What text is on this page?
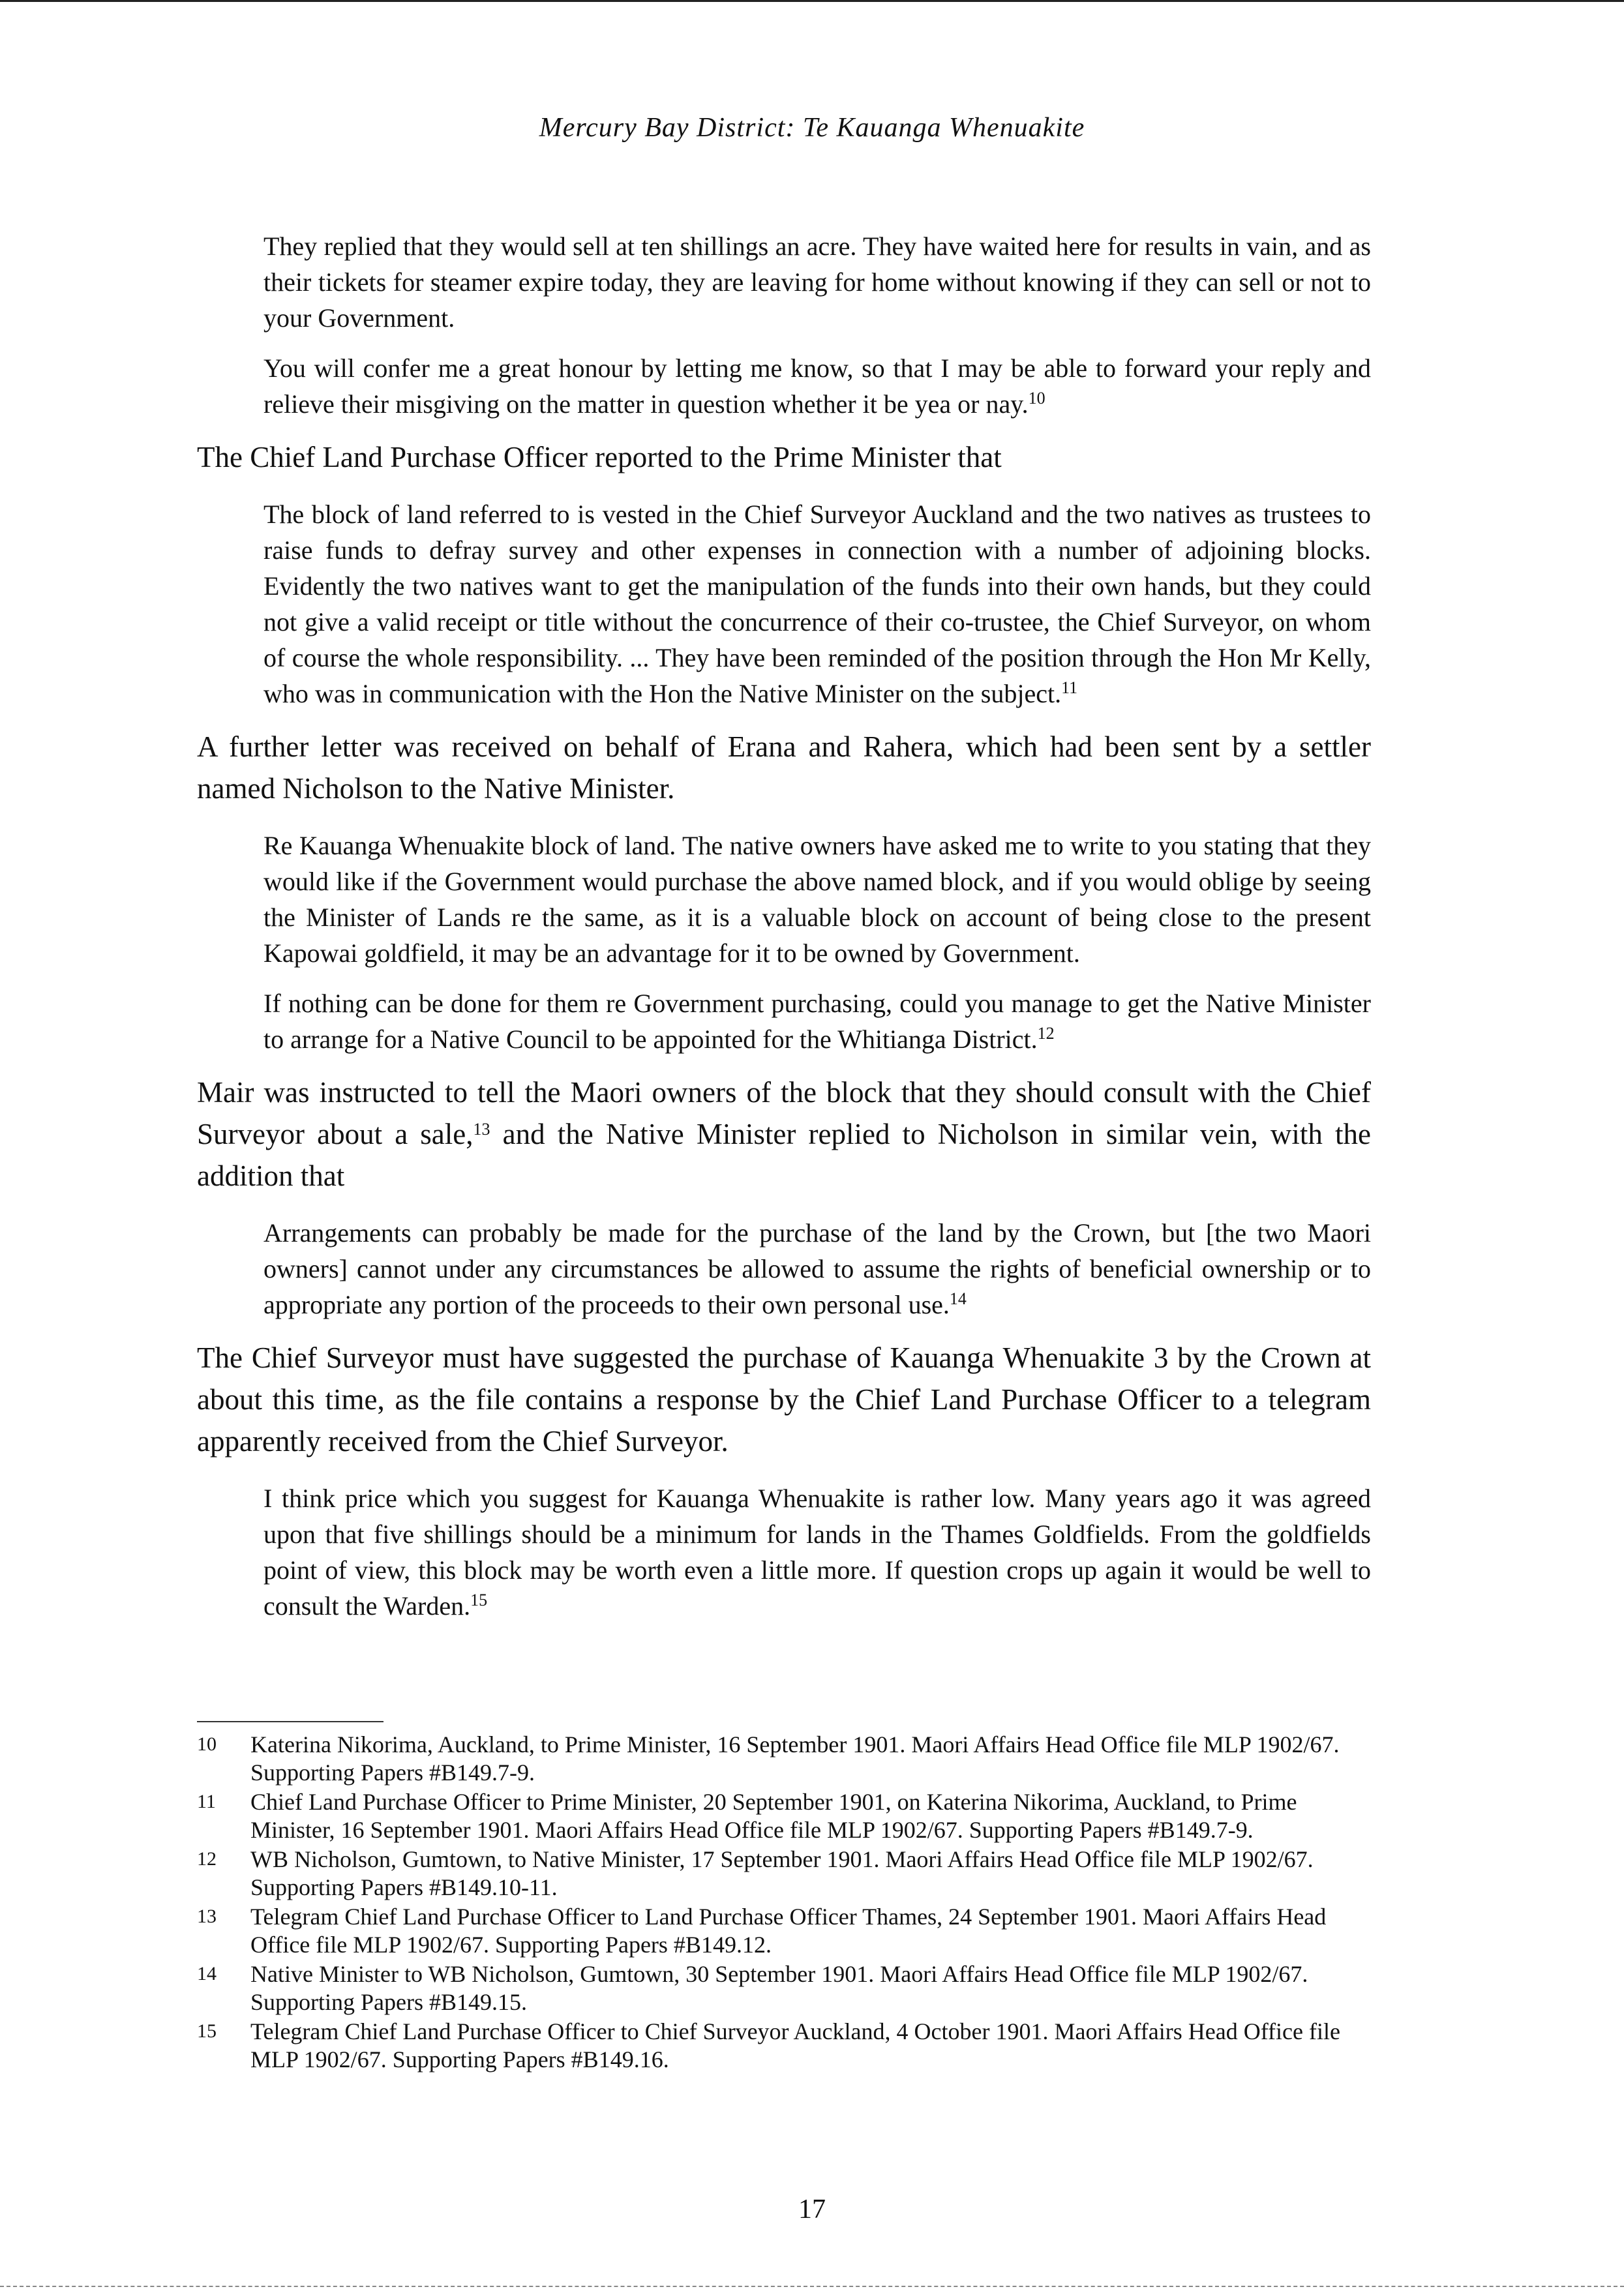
Mercury Bay District: Te Kauanga Whenuakite

They replied that they would sell at ten shillings an acre. They have waited here for results in vain, and as their tickets for steamer expire today, they are leaving for home without knowing if they can sell or not to your Government.

You will confer me a great honour by letting me know, so that I may be able to forward your reply and relieve their misgiving on the matter in question whether it be yea or nay.$^{10}$

The Chief Land Purchase Officer reported to the Prime Minister that

The block of land referred to is vested in the Chief Surveyor Auckland and the two natives as trustees to raise funds to defray survey and other expenses in connection with a number of adjoining blocks. Evidently the two natives want to get the manipulation of the funds into their own hands, but they could not give a valid receipt or title without the concurrence of their co-trustee, the Chief Surveyor, on whom of course the whole responsibility. ... They have been reminded of the position through the Hon Mr Kelly, who was in communication with the Hon the Native Minister on the subject.$^{11}$

A further letter was received on behalf of Erana and Rahera, which had been sent by a settler named Nicholson to the Native Minister.

Re Kauanga Whenuakite block of land. The native owners have asked me to write to you stating that they would like if the Government would purchase the above named block, and if you would oblige by seeing the Minister of Lands re the same, as it is a valuable block on account of being close to the present Kapowai goldfield, it may be an advantage for it to be owned by Government.

If nothing can be done for them re Government purchasing, could you manage to get the Native Minister to arrange for a Native Council to be appointed for the Whitianga District.$^{12}$

Mair was instructed to tell the Maori owners of the block that they should consult with the Chief Surveyor about a sale,$^{13}$ and the Native Minister replied to Nicholson in similar vein, with the addition that

Arrangements can probably be made for the purchase of the land by the Crown, but [the two Maori owners] cannot under any circumstances be allowed to assume the rights of beneficial ownership or to appropriate any portion of the proceeds to their own personal use.$^{14}$

The Chief Surveyor must have suggested the purchase of Kauanga Whenuakite 3 by the Crown at about this time, as the file contains a response by the Chief Land Purchase Officer to a telegram apparently received from the Chief Surveyor.

I think price which you suggest for Kauanga Whenuakite is rather low. Many years ago it was agreed upon that five shillings should be a minimum for lands in the Thames Goldfields. From the goldfields point of view, this block may be worth even a little more. If question crops up again it would be well to consult the Warden.$^{15}$

10	Katerina Nikorima, Auckland, to Prime Minister, 16 September 1901. Maori Affairs Head Office file MLP 1902/67. Supporting Papers #B149.7-9.
11	Chief Land Purchase Officer to Prime Minister, 20 September 1901, on Katerina Nikorima, Auckland, to Prime Minister, 16 September 1901. Maori Affairs Head Office file MLP 1902/67. Supporting Papers #B149.7-9.
12	WB Nicholson, Gumtown, to Native Minister, 17 September 1901. Maori Affairs Head Office file MLP 1902/67. Supporting Papers #B149.10-11.
13	Telegram Chief Land Purchase Officer to Land Purchase Officer Thames, 24 September 1901. Maori Affairs Head Office file MLP 1902/67. Supporting Papers #B149.12.
14	Native Minister to WB Nicholson, Gumtown, 30 September 1901. Maori Affairs Head Office file MLP 1902/67. Supporting Papers #B149.15.
15	Telegram Chief Land Purchase Officer to Chief Surveyor Auckland, 4 October 1901. Maori Affairs Head Office file MLP 1902/67. Supporting Papers #B149.16.
17
